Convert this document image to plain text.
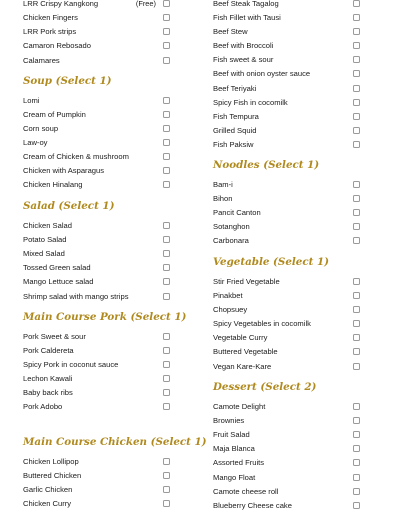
LRR Crispy Kangkong	(Free)
Chicken Fingers
LRR Pork strips
Camaron Rebosado
Calamares
Soup (Select 1)
Lomi
Cream of Pumpkin
Corn soup
Law-oy
Cream of Chicken & mushroom
Chicken with Asparagus
Chicken Hinalang
Salad (Select 1)
Chicken Salad
Potato Salad
Mixed Salad
Tossed Green salad
Mango Lettuce salad
Shrimp salad with mango strips
Main Course Pork (Select 1)
Pork Sweet & sour
Pork Caldereta
Spicy Pork in coconut sauce
Lechon Kawali
Baby back ribs
Pork Adobo
Main Course Chicken (Select 1)
Chicken Lollipop
Buttered Chicken
Garlic Chicken
Chicken Curry
Beef Steak Tagalog
Fish Fillet with Tausi
Beef Stew
Beef with Broccoli
Fish sweet & sour
Beef with onion oyster sauce
Beef Teriyaki
Spicy Fish in cocomilk
Fish Tempura
Grilled Squid
Fish Paksiw
Noodles (Select 1)
Bam-i
Bihon
Pancit Canton
Sotanghon
Carbonara
Vegetable (Select 1)
Stir Fried Vegetable
Pinakbet
Chopsuey
Spicy Vegetables in cocomilk
Vegetable Curry
Buttered Vegetable
Vegan Kare-Kare
Dessert (Select 2)
Camote Delight
Brownies
Fruit Salad
Maja Blanca
Assorted Fruits
Mango Float
Camote cheese roll
Blueberry Cheese cake
